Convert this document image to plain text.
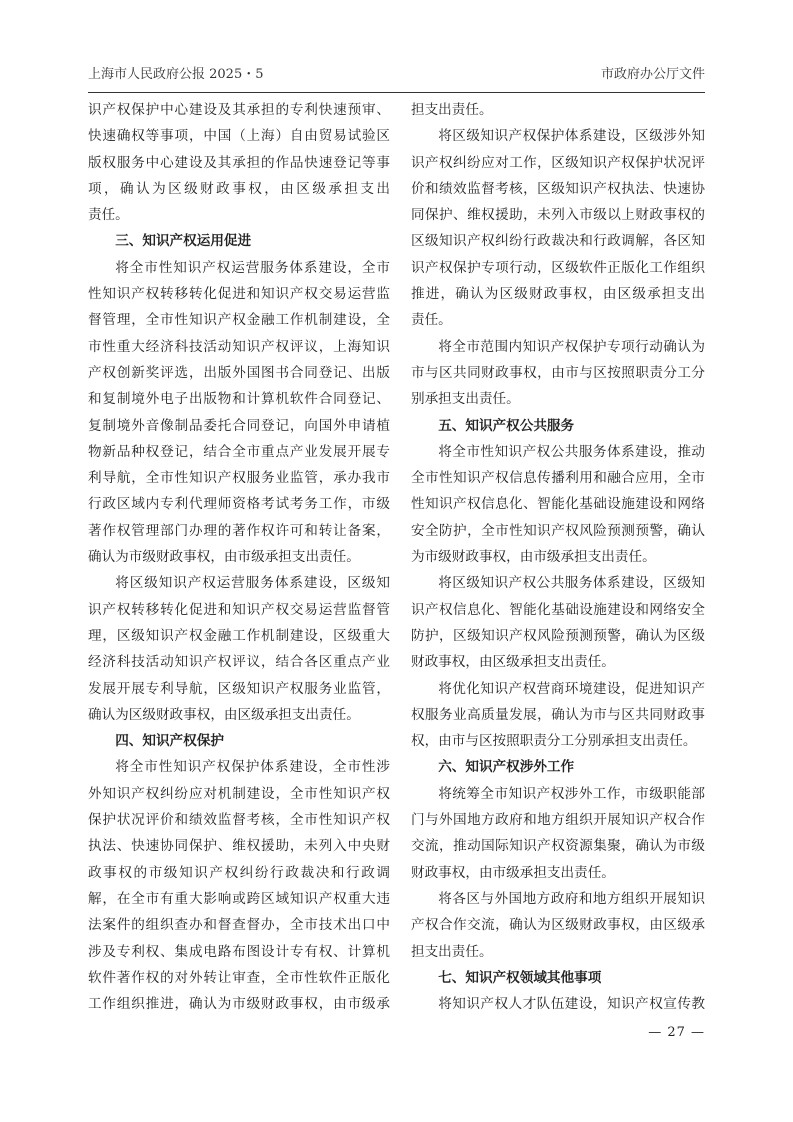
上海市人民政府公报 2025・5	市政府办公厅文件
识产权保护中心建设及其承担的专利快速预审、
快速确权等事项，中国（上海）自由贸易试验区
版权服务中心建设及其承担的作品快速登记等事
项，确认为区级财政事权，由区级承担支出
责任。
三、知识产权运用促进
将全市性知识产权运营服务体系建设，全市
性知识产权转移转化促进和知识产权交易运营监
督管理，全市性知识产权金融工作机制建设，全
市性重大经济科技活动知识产权评议，上海知识
产权创新奖评选，出版外国图书合同登记、出版
和复制境外电子出版物和计算机软件合同登记、
复制境外音像制品委托合同登记，向国外申请植
物新品种权登记，结合全市重点产业发展开展专
利导航，全市性知识产权服务业监管，承办我市
行政区域内专利代理师资格考试考务工作，市级
著作权管理部门办理的著作权许可和转让备案，
确认为市级财政事权，由市级承担支出责任。
将区级知识产权运营服务体系建设，区级知
识产权转移转化促进和知识产权交易运营监督管
理，区级知识产权金融工作机制建设，区级重大
经济科技活动知识产权评议，结合各区重点产业
发展开展专利导航，区级知识产权服务业监管，
确认为区级财政事权，由区级承担支出责任。
四、知识产权保护
将全市性知识产权保护体系建设，全市性涉
外知识产权纠纷应对机制建设，全市性知识产权
保护状况评价和绩效监督考核，全市性知识产权
执法、快速协同保护、维权援助，未列入中央财
政事权的市级知识产权纠纷行政裁决和行政调
解，在全市有重大影响或跨区域知识产权重大违
法案件的组织查办和督查督办，全市技术出口中
涉及专利权、集成电路布图设计专有权、计算机
软件著作权的对外转让审查，全市性软件正版化
工作组织推进，确认为市级财政事权，由市级承
担支出责任。
将区级知识产权保护体系建设，区级涉外知
识产权纠纷应对工作，区级知识产权保护状况评
价和绩效监督考核，区级知识产权执法、快速协
同保护、维权援助，未列入市级以上财政事权的
区级知识产权纠纷行政裁决和行政调解，各区知
识产权保护专项行动，区级软件正版化工作组织
推进，确认为区级财政事权，由区级承担支出
责任。
将全市范围内知识产权保护专项行动确认为
市与区共同财政事权，由市与区按照职责分工分
别承担支出责任。
五、知识产权公共服务
将全市性知识产权公共服务体系建设，推动
全市性知识产权信息传播利用和融合应用，全市
性知识产权信息化、智能化基础设施建设和网络
安全防护，全市性知识产权风险预测预警，确认
为市级财政事权，由市级承担支出责任。
将区级知识产权公共服务体系建设，区级知
识产权信息化、智能化基础设施建设和网络安全
防护，区级知识产权风险预测预警，确认为区级
财政事权，由区级承担支出责任。
将优化知识产权营商环境建设，促进知识产
权服务业高质量发展，确认为市与区共同财政事
权，由市与区按照职责分工分别承担支出责任。
六、知识产权涉外工作
将统筹全市知识产权涉外工作，市级职能部
门与外国地方政府和地方组织开展知识产权合作
交流，推动国际知识产权资源集聚，确认为市级
财政事权，由市级承担支出责任。
将各区与外国地方政府和地方组织开展知识
产权合作交流，确认为区级财政事权，由区级承
担支出责任。
七、知识产权领域其他事项
将知识产权人才队伍建设，知识产权宣传教
— 27 —
